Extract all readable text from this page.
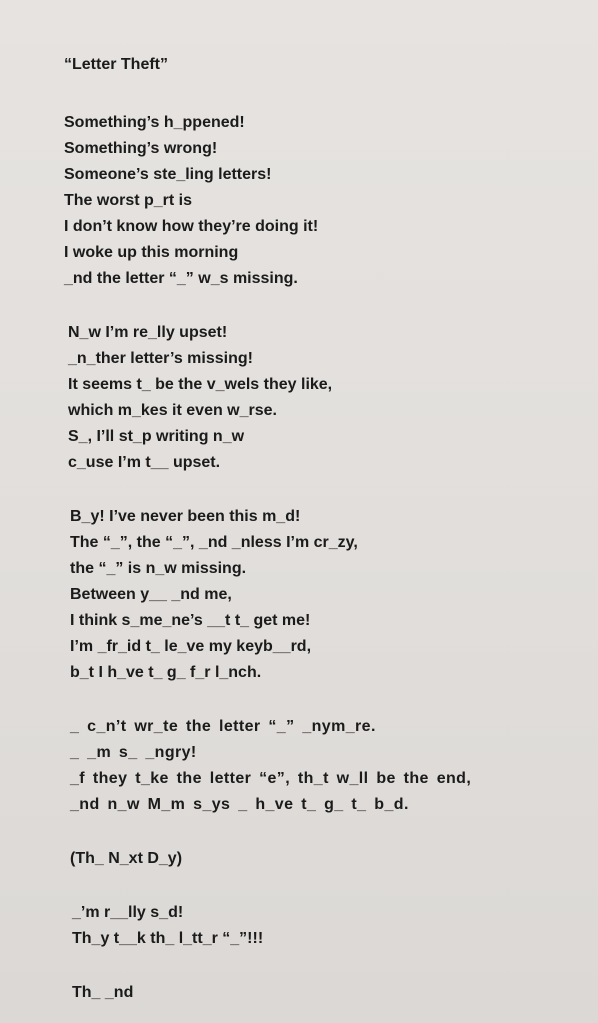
“Letter Theft”
Something’s h_ppened!
Something’s wrong!
Someone’s ste_ling letters!
The worst p_rt is
I don’t know how they’re doing it!
I woke up this morning
_nd the letter “_” w_s missing.
N_w I’m re_lly upset!
_n_ther letter’s missing!
It seems t_ be the v_wels they like,
which m_kes it even w_rse.
S_, I’ll st_p writing n_w
c_use I’m t__ upset.
B_y! I’ve never been this m_d!
The “_”, the “_”, _nd _nless I’m cr_zy,
the “_” is n_w missing.
Between y__ _nd me,
I think s_me_ne’s __t t_ get me!
I’m _fr_id t_ le_ve my keyb__rd,
b_t I h_ve t_ g_ f_r l_nch.
_ c_n’t wr_te the letter “_” _nym_re.
_ _m s_ _ngry!
_f they t_ke the letter “e”, th_t w_ll be the end,
_nd n_w M_m s_ys _ h_ve t_ g_ t_ b_d.
(Th_ N_xt D_y)
_’m r__lly s_d!
Th_y t__k th_ l_tt_r “_”!!!
Th_ _nd
